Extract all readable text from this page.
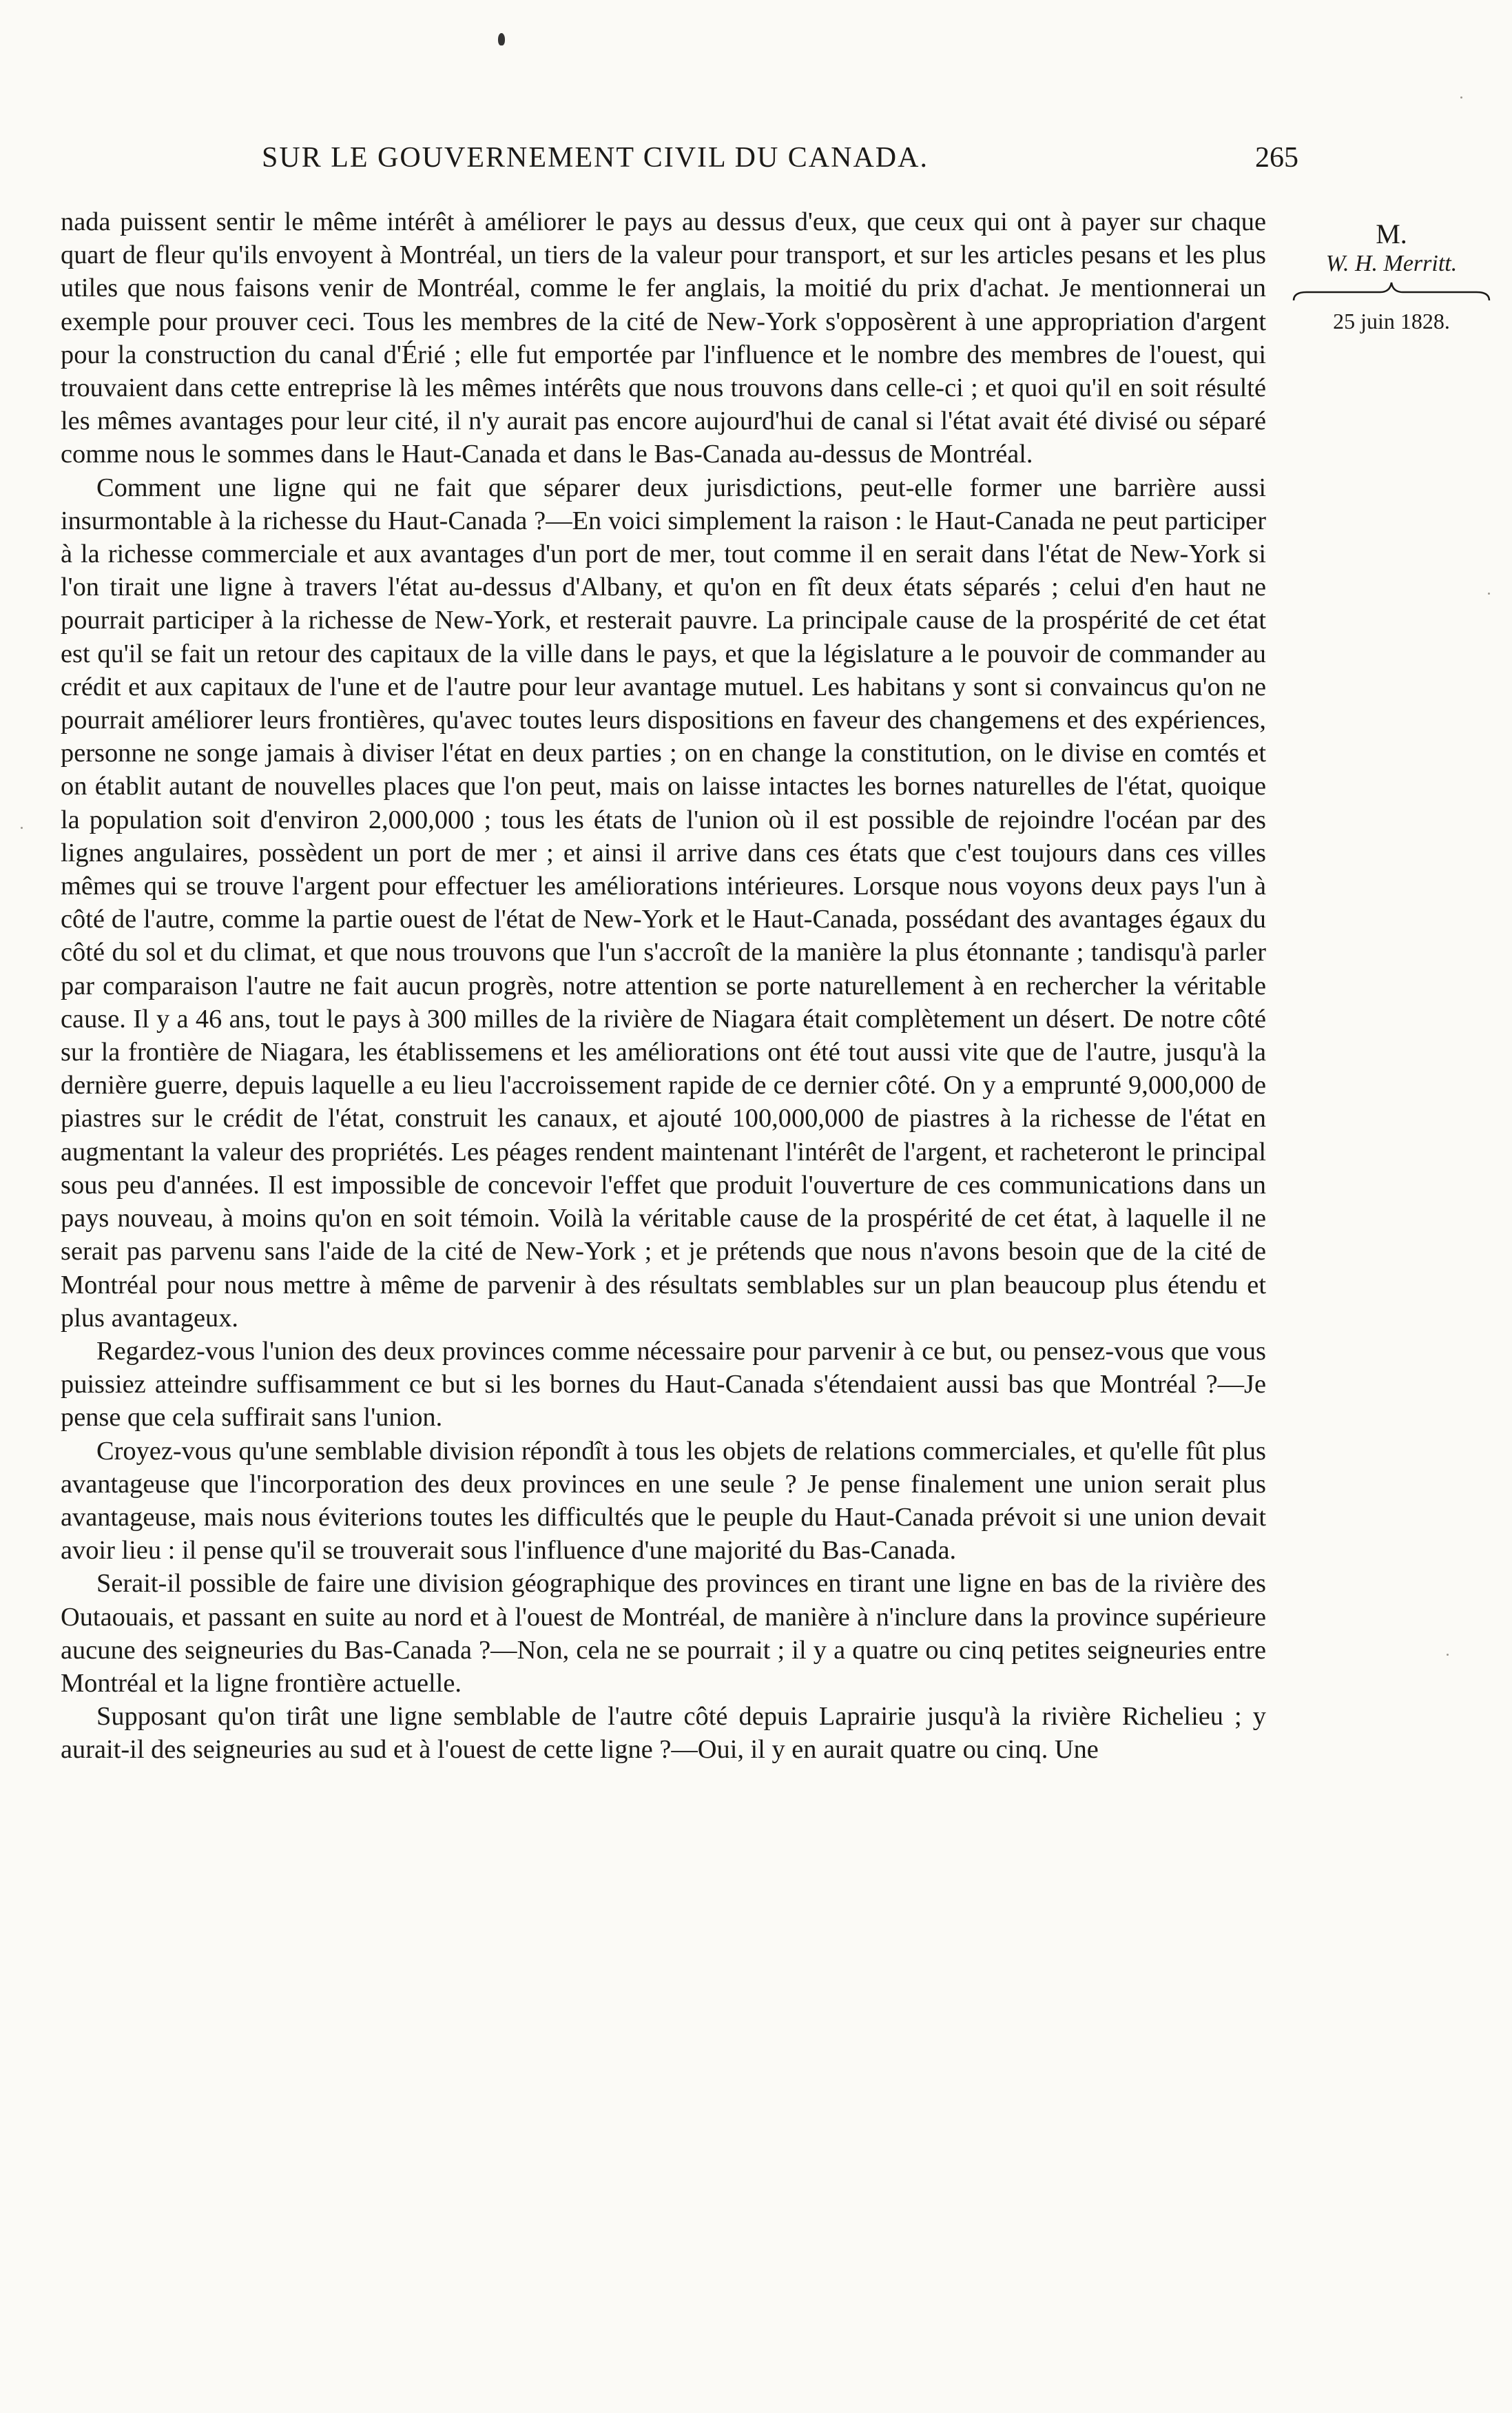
SUR LE GOUVERNEMENT CIVIL DU CANADA.	265
M.
W. H. Merritt.
25 juin 1828.

nada puissent sentir le même intérêt à améliorer le pays au dessus d'eux, que ceux qui ont à payer sur chaque quart de fleur qu'ils envoyent à Montréal, un tiers de la valeur pour transport, et sur les articles pesans et les plus utiles que nous faisons venir de Montréal, comme le fer anglais, la moitié du prix d'achat. Je mentionnerai un exemple pour prouver ceci. Tous les membres de la cité de New-York s'opposèrent à une appropriation d'argent pour la construction du canal d'Érié ; elle fut emportée par l'influence et le nombre des membres de l'ouest, qui trouvaient dans cette entreprise là les mêmes intérêts que nous trouvons dans celle-ci ; et quoi qu'il en soit résulté les mêmes avantages pour leur cité, il n'y aurait pas encore aujourd'hui de canal si l'état avait été divisé ou séparé comme nous le sommes dans le Haut-Canada et dans le Bas-Canada au-dessus de Montréal.

Comment une ligne qui ne fait que séparer deux jurisdictions, peut-elle former une barrière aussi insurmontable à la richesse du Haut-Canada ?—En voici simplement la raison : le Haut-Canada ne peut participer à la richesse commerciale et aux avantages d'un port de mer, tout comme il en serait dans l'état de New-York si l'on tirait une ligne à travers l'état au-dessus d'Albany, et qu'on en fît deux états séparés ; celui d'en haut ne pourrait participer à la richesse de New-York, et resterait pauvre. La principale cause de la prospérité de cet état est qu'il se fait un retour des capitaux de la ville dans le pays, et que la législature a le pouvoir de commander au crédit et aux capitaux de l'une et de l'autre pour leur avantage mutuel. Les habitans y sont si convaincus qu'on ne pourrait améliorer leurs frontières, qu'avec toutes leurs dispositions en faveur des changemens et des expériences, personne ne songe jamais à diviser l'état en deux parties ; on en change la constitution, on le divise en comtés et on établit autant de nouvelles places que l'on peut, mais on laisse intactes les bornes naturelles de l'état, quoique la population soit d'environ 2,000,000 ; tous les états de l'union où il est possible de rejoindre l'océan par des lignes angulaires, possèdent un port de mer ; et ainsi il arrive dans ces états que c'est toujours dans ces villes mêmes qui se trouve l'argent pour effectuer les améliorations intérieures. Lorsque nous voyons deux pays l'un à côté de l'autre, comme la partie ouest de l'état de New-York et le Haut-Canada, possédant des avantages égaux du côté du sol et du climat, et que nous trouvons que l'un s'accroît de la manière la plus étonnante ; tandisqu'à parler par comparaison l'autre ne fait aucun progrès, notre attention se porte naturellement à en rechercher la véritable cause. Il y a 46 ans, tout le pays à 300 milles de la rivière de Niagara était complètement un désert. De notre côté sur la frontière de Niagara, les établissemens et les améliorations ont été tout aussi vite que de l'autre, jusqu'à la dernière guerre, depuis laquelle a eu lieu l'accroissement rapide de ce dernier côté. On y a emprunté 9,000,000 de piastres sur le crédit de l'état, construit les canaux, et ajouté 100,000,000 de piastres à la richesse de l'état en augmentant la valeur des propriétés. Les péages rendent maintenant l'intérêt de l'argent, et racheteront le principal sous peu d'années. Il est impossible de concevoir l'effet que produit l'ouverture de ces communications dans un pays nouveau, à moins qu'on en soit témoin. Voilà la véritable cause de la prospérité de cet état, à laquelle il ne serait pas parvenu sans l'aide de la cité de New-York ; et je prétends que nous n'avons besoin que de la cité de Montréal pour nous mettre à même de parvenir à des résultats semblables sur un plan beaucoup plus étendu et plus avantageux.

Regardez-vous l'union des deux provinces comme nécessaire pour parvenir à ce but, ou pensez-vous que vous puissiez atteindre suffisamment ce but si les bornes du Haut-Canada s'étendaient aussi bas que Montréal ?—Je pense que cela suffirait sans l'union.

Croyez-vous qu'une semblable division répondît à tous les objets de relations commerciales, et qu'elle fût plus avantageuse que l'incorporation des deux provinces en une seule ? Je pense finalement une union serait plus avantageuse, mais nous éviterions toutes les difficultés que le peuple du Haut-Canada prévoit si une union devait avoir lieu : il pense qu'il se trouverait sous l'influence d'une majorité du Bas-Canada.

Serait-il possible de faire une division géographique des provinces en tirant une ligne en bas de la rivière des Outaouais, et passant en suite au nord et à l'ouest de Montréal, de manière à n'inclure dans la province supérieure aucune des seigneuries du Bas-Canada ?—Non, cela ne se pourrait ; il y a quatre ou cinq petites seigneuries entre Montréal et la ligne frontière actuelle.

Supposant qu'on tirât une ligne semblable de l'autre côté depuis Laprairie jusqu'à la rivière Richelieu ; y aurait-il des seigneuries au sud et à l'ouest de cette ligne ?—Oui, il y en aurait quatre ou cinq. Une
